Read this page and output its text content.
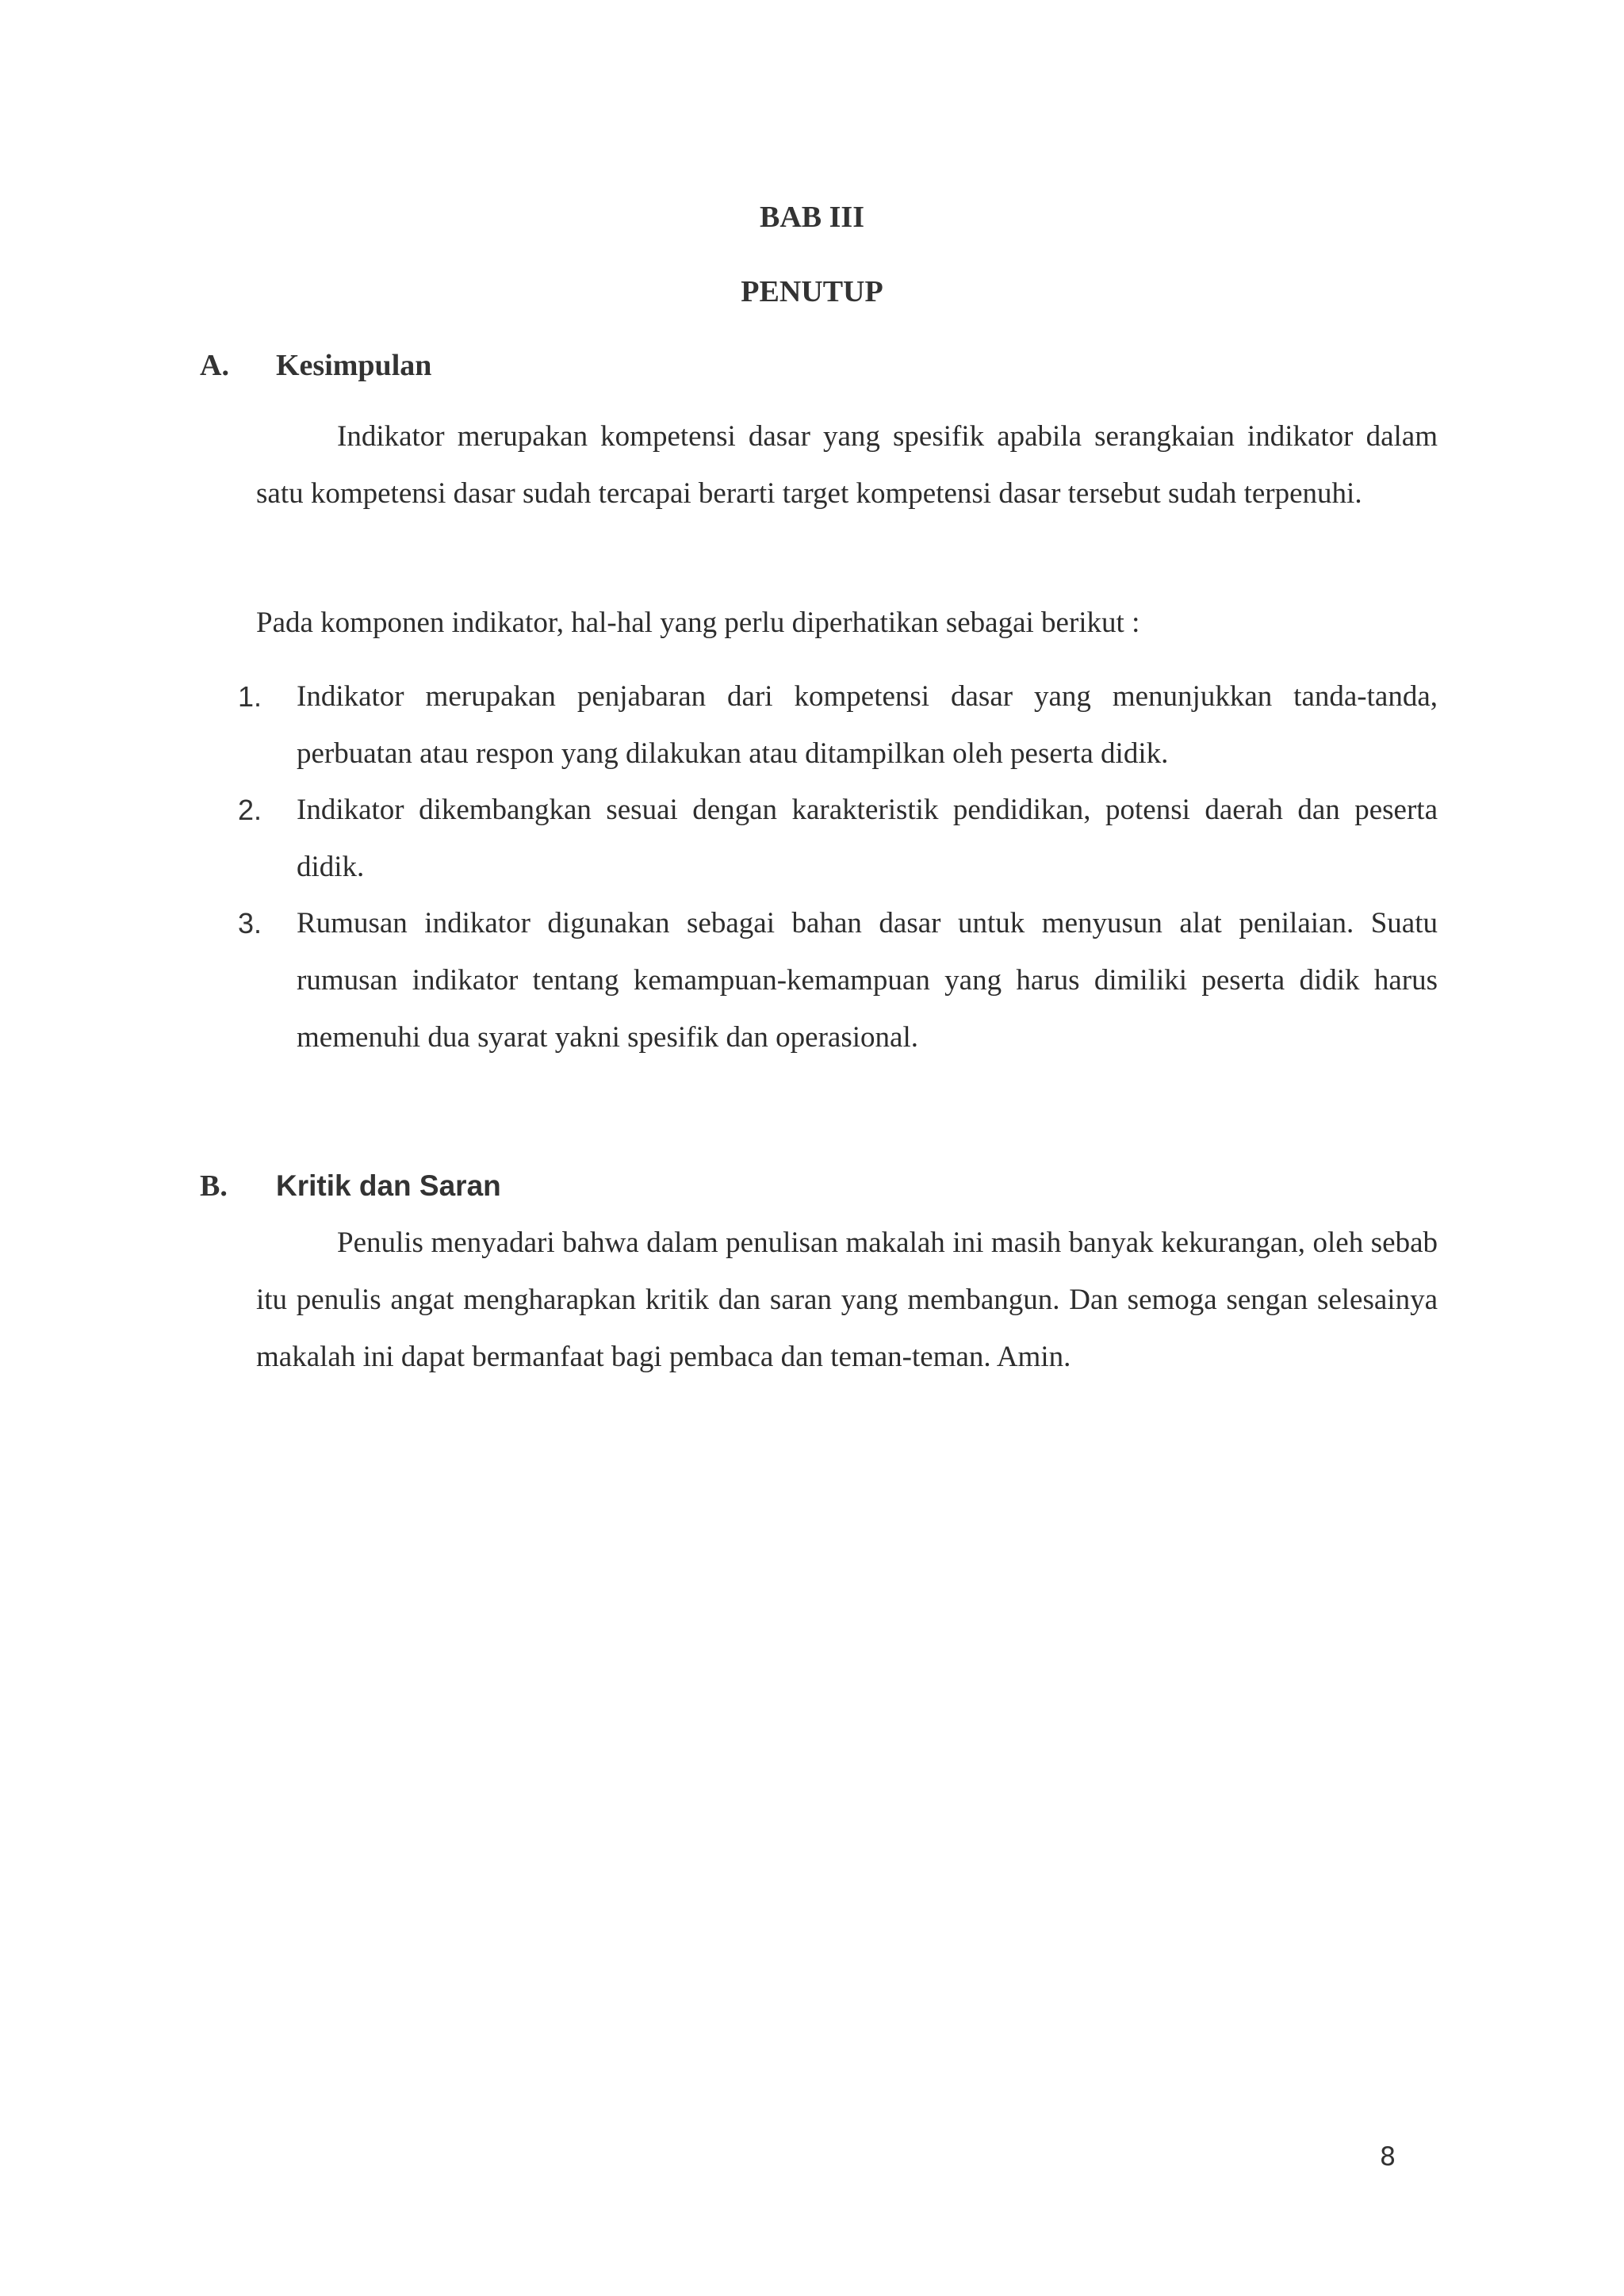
BAB III
PENUTUP
A. Kesimpulan

Indikator merupakan kompetensi dasar yang spesifik apabila serangkaian indikator dalam satu kompetensi dasar sudah tercapai berarti target kompetensi dasar tersebut sudah terpenuhi.

Pada komponen indikator, hal-hal yang perlu diperhatikan sebagai berikut :

1.	Indikator merupakan penjabaran dari kompetensi dasar yang menunjukkan tanda-tanda, perbuatan atau respon yang dilakukan atau ditampilkan oleh peserta didik.

2.	Indikator dikembangkan sesuai dengan karakteristik pendidikan, potensi daerah dan peserta didik.

3.	Rumusan indikator digunakan sebagai bahan dasar untuk menyusun alat penilaian. Suatu rumusan indikator tentang kemampuan-kemampuan yang harus dimiliki peserta didik harus memenuhi dua syarat yakni spesifik dan operasional.

B. Kritik dan Saran

Penulis menyadari bahwa dalam penulisan makalah ini masih banyak kekurangan, oleh sebab itu penulis angat mengharapkan kritik dan saran yang membangun. Dan semoga sengan selesainya makalah ini dapat bermanfaat bagi pembaca dan teman-teman. Amin.

8
